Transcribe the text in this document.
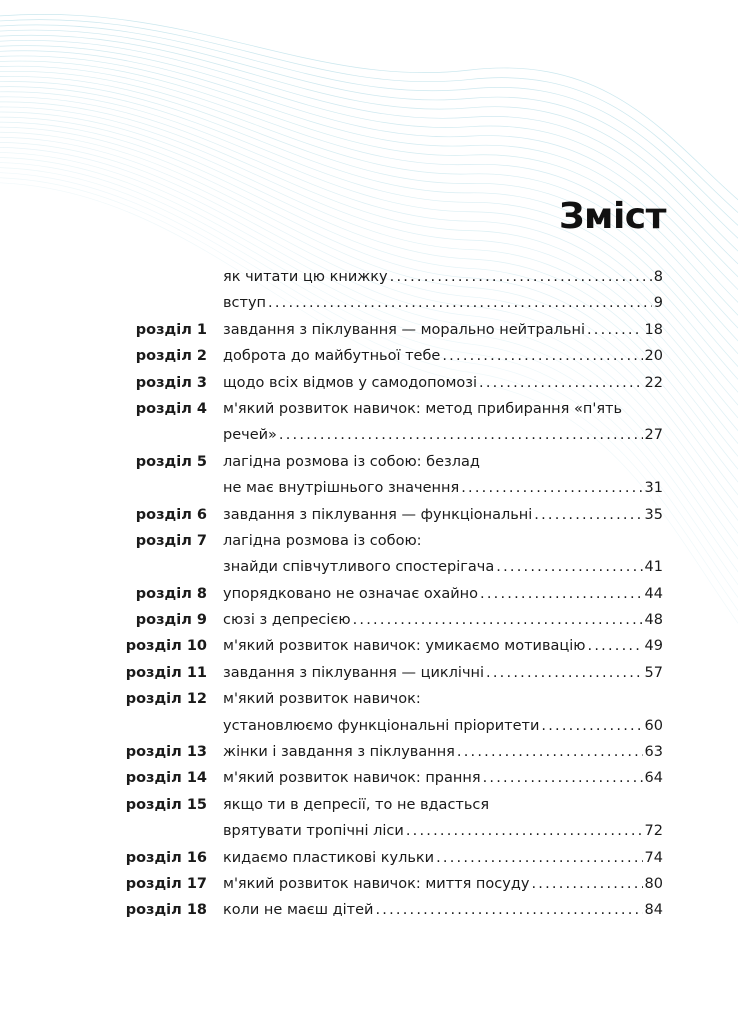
Зміст
як читати цю книжку . . .	8
вступ . . .	9
розділ 1 завдання з піклування — морально нейтральні . . .	18
розділ 2 доброта до майбутньої тебе . . .	20
розділ 3 щодо всіх відмов у самодопомозі . . .	22
розділ 4 м'який розвиток навичок: метод прибирання «п'ять
речей» . . .	27
розділ 5 лагідна розмова із собою: безлад
не має внутрішнього значення . . .	31
розділ 6 завдання з піклування — функціональні . . .	35
розділ 7 лагідна розмова із собою:
знайди співчутливого спостерігача . . .	41
розділ 8 упорядковано не означає охайно . . .	44
розділ 9 сюзі з депресією . . .	48
розділ 10 м'який розвиток навичок: умикаємо мотивацію . . .	49
розділ 11 завдання з піклування — циклічні . . .	57
розділ 12 м'який розвиток навичок:
установлюємо функціональні пріоритети . . .	60
розділ 13 жінки і завдання з піклування . . .	63
розділ 14 м'який розвиток навичок: прання . . .	64
розділ 15 якщо ти в депресії, то не вдасться
врятувати тропічні ліси . . .	72
розділ 16 кидаємо пластикові кульки . . .	74
розділ 17 м'який розвиток навичок: миття посуду . . .	80
розділ 18 коли не маєш дітей . . .	84
